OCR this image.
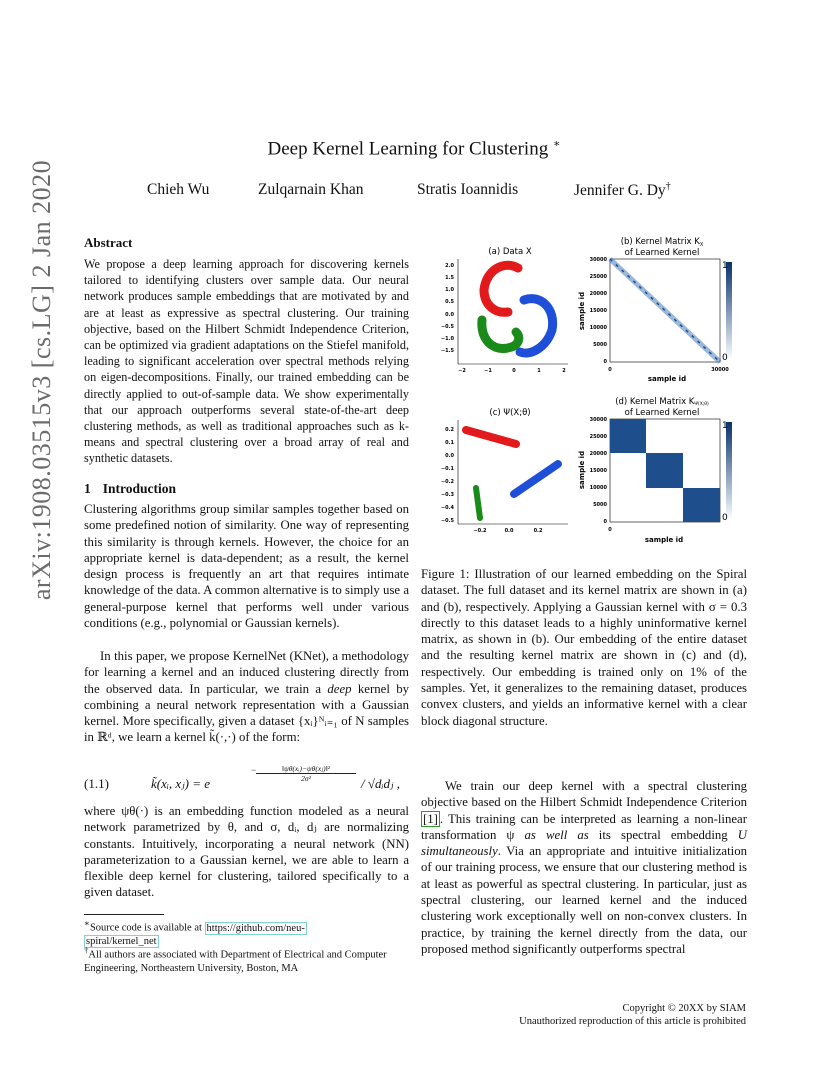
arXiv:1908.03515v3 [cs.LG] 2 Jan 2020
Deep Kernel Learning for Clustering ∗
Chieh Wu	Zulqarnain Khan	Stratis Ioannidis	Jennifer G. Dy†
Abstract
We propose a deep learning approach for discovering kernels tailored to identifying clusters over sample data. Our neural network produces sample embeddings that are motivated by and are at least as expressive as spectral clustering. Our training objective, based on the Hilbert Schmidt Independence Criterion, can be optimized via gradient adaptations on the Stiefel manifold, leading to significant acceleration over spectral methods relying on eigen-decompositions. Finally, our trained embedding can be directly applied to out-of-sample data. We show experimentally that our approach outperforms several state-of-the-art deep clustering methods, as well as traditional approaches such as k-means and spectral clustering over a broad array of real and synthetic datasets.
1 Introduction
Clustering algorithms group similar samples together based on some predefined notion of similarity. One way of representing this similarity is through kernels. However, the choice for an appropriate kernel is data-dependent; as a result, the kernel design process is frequently an art that requires intimate knowledge of the data. A common alternative is to simply use a general-purpose kernel that performs well under various conditions (e.g., polynomial or Gaussian kernels).
In this paper, we propose KernelNet (KNet), a methodology for learning a kernel and an induced clustering directly from the observed data. In particular, we train a deep kernel by combining a neural network representation with a Gaussian kernel. More specifically, given a dataset {xᵢ}ᴺᵢ₌₁ of N samples in ℝᵈ, we learn a kernel k̃(·,·) of the form:
(1.1)	k̃(xᵢ, xⱼ) = e
$\frac{\text{‖ψθ(xᵢ)−ψθ(xⱼ)‖²}}{\text{2σ²}}$
−
/ √dᵢdⱼ ,
where ψθ(·) is an embedding function modeled as a neural network parametrized by θ, and σ, dᵢ, dⱼ are normalizing constants. Intuitively, incorporating a neural network (NN) parameterization to a Gaussian kernel, we are able to learn a flexible deep kernel for clustering, tailored specifically to a given dataset.
∗Source code is available at https://github.com/neu-
spiral/kernel_net
†All authors are associated with Department of Electrical and Computer Engineering, Northeastern University, Boston, MA
(a) Data X
2.0
1.5
1.0
0.5
0.0
−0.5
−1.0
−1.5
−2	−1	0	1	2
(b) Kernel Matrix $K_X$
of Learned Kernel
30000
25000
20000
15000
10000
5000
0
0	30000
sample id
sample id
1
0
(c) Ψ(X;θ)
0.2
0.1
0.0
−0.1
−0.2
−0.3
−0.4
−0.5
−0.2	0.0	0.2
(d) Kernel Matrix KΨ(X;θ)
of Learned Kernel
30000
25000
20000
15000
10000
5000
0
0
sample id
sample id
1
0
Figure 1: Illustration of our learned embedding on the Spiral dataset. The full dataset and its kernel matrix are shown in (a) and (b), respectively. Applying a Gaussian kernel with σ = 0.3 directly to this dataset leads to a highly uninformative kernel matrix, as shown in (b). Our embedding of the entire dataset and the resulting kernel matrix are shown in (c) and (d), respectively. Our embedding is trained only on 1% of the samples. Yet, it generalizes to the remaining dataset, produces convex clusters, and yields an informative kernel with a clear block diagonal structure.
We train our deep kernel with a spectral clustering objective based on the Hilbert Schmidt Independence Criterion [1] . This training can be interpreted as learning a non-linear transformation ψ as well as its spectral embedding U simultaneously. Via an appropriate and intuitive initialization of our training process, we ensure that our clustering method is at least as powerful as spectral clustering. In particular, just as spectral clustering, our learned kernel and the induced clustering work exceptionally well on non-convex clusters. In practice, by training the kernel directly from the data, our proposed method significantly outperforms spectral
Copyright © 20XX by SIAM
Unauthorized reproduction of this article is prohibited
